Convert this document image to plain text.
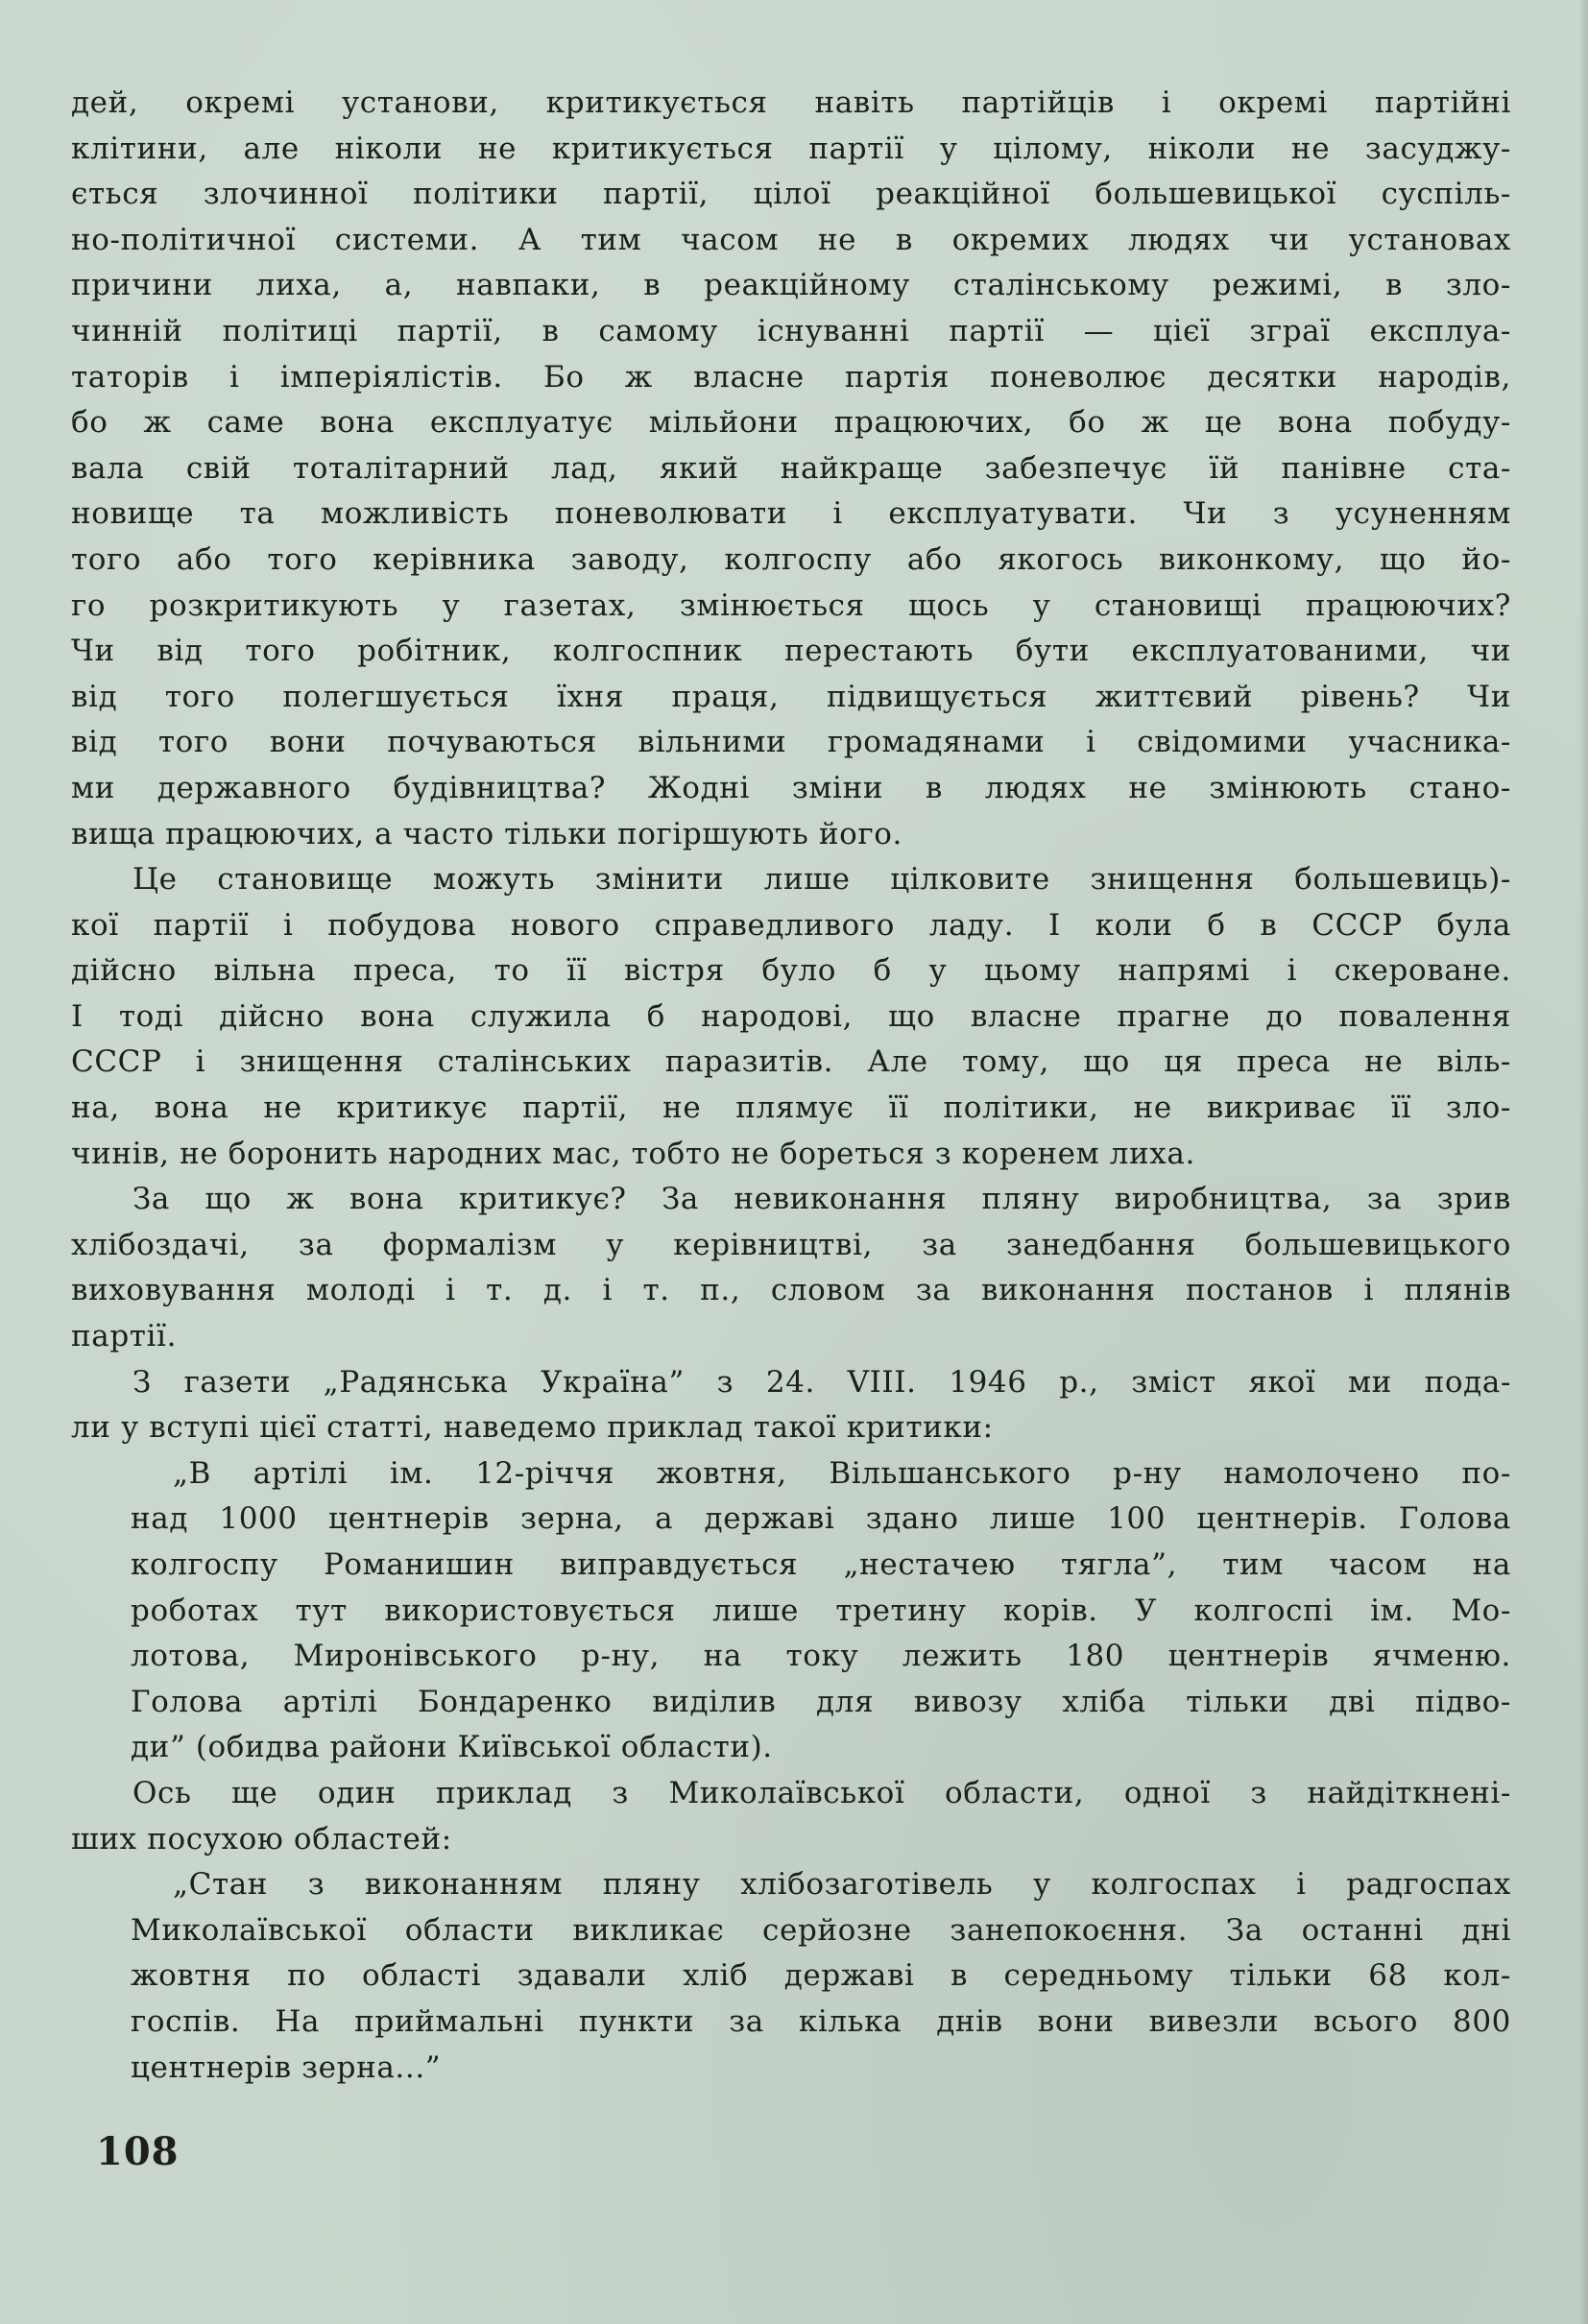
дей, окремі установи, критикується навіть партійців і окремі партійні
клітини, але ніколи не критикується партії у цілому, ніколи не засуджу-
ється злочинної політики партії, цілої реакційної большевицької суспіль-
но-політичної системи. А тим часом не в окремих людях чи установах
причини лиха, а, навпаки, в реакційному сталінському режимі, в зло-
чинній політиці партії, в самому існуванні партії — цієї зграї експлуа-
таторів і імперіялістів. Бо ж власне партія поневолює десятки народів,
бо ж саме вона експлуатує мільйони працюючих, бо ж це вона побуду-
вала свій тоталітарний лад, який найкраще забезпечує їй панівне ста-
новище та можливість поневолювати і експлуатувати. Чи з усуненням
того або того керівника заводу, колгоспу або якогось виконкому, що йо-
го розкритикують у газетах, змінюється щось у становищі працюючих?
Чи від того робітник, колгоспник перестають бути експлуатованими, чи
від того полегшується їхня праця, підвищується життєвий рівень? Чи
від того вони почуваються вільними громадянами і свідомими учасника-
ми державного будівництва? Жодні зміни в людях не змінюють стано-
вища працюючих, а часто тільки погіршують його.
Це становище можуть змінити лише цілковите знищення большевиць)-
кої партії і побудова нового справедливого ладу. І коли б в СССР була
дійсно вільна преса, то її вістря було б у цьому напрямі і скероване.
І тоді дійсно вона служила б народові, що власне прагне до повалення
СССР і знищення сталінських паразитів. Але тому, що ця преса не віль-
на, вона не критикує партії, не плямує її політики, не викриває її зло-
чинів, не боронить народних мас, тобто не бореться з коренем лиха.
За що ж вона критикує? За невиконання пляну виробництва, за зрив
хлібоздачі, за формалізм у керівництві, за занедбання большевицького
виховування молоді і т. д. і т. п., словом за виконання постанов і плянів
партії.
З газети „Радянська Україна” з 24. VIII. 1946 р., зміст якої ми пода-
ли у вступі цієї статті, наведемо приклад такої критики:
„В артілі ім. 12-річчя жовтня, Вільшанського р-ну намолочено по-
над 1000 центнерів зерна, а державі здано лише 100 центнерів. Голова
колгоспу Романишин виправдується „нестачею тягла”, тим часом на
роботах тут використовується лише третину корів. У колгоспі ім. Мо-
лотова, Миронівського р-ну, на току лежить 180 центнерів ячменю.
Голова артілі Бондаренко виділив для вивозу хліба тільки дві підво-
ди” (обидва райони Київської области).
Ось ще один приклад з Миколаївської области, одної з найдіткнені-
ших посухою областей:
„Стан з виконанням пляну хлібозаготівель у колгоспах і радгоспах
Миколаївської области викликає серйозне занепокоєння. За останні дні
жовтня по області здавали хліб державі в середньому тільки 68 кол-
госпів. На приймальні пункти за кілька днів вони вивезли всього 800
центнерів зерна...”
108
